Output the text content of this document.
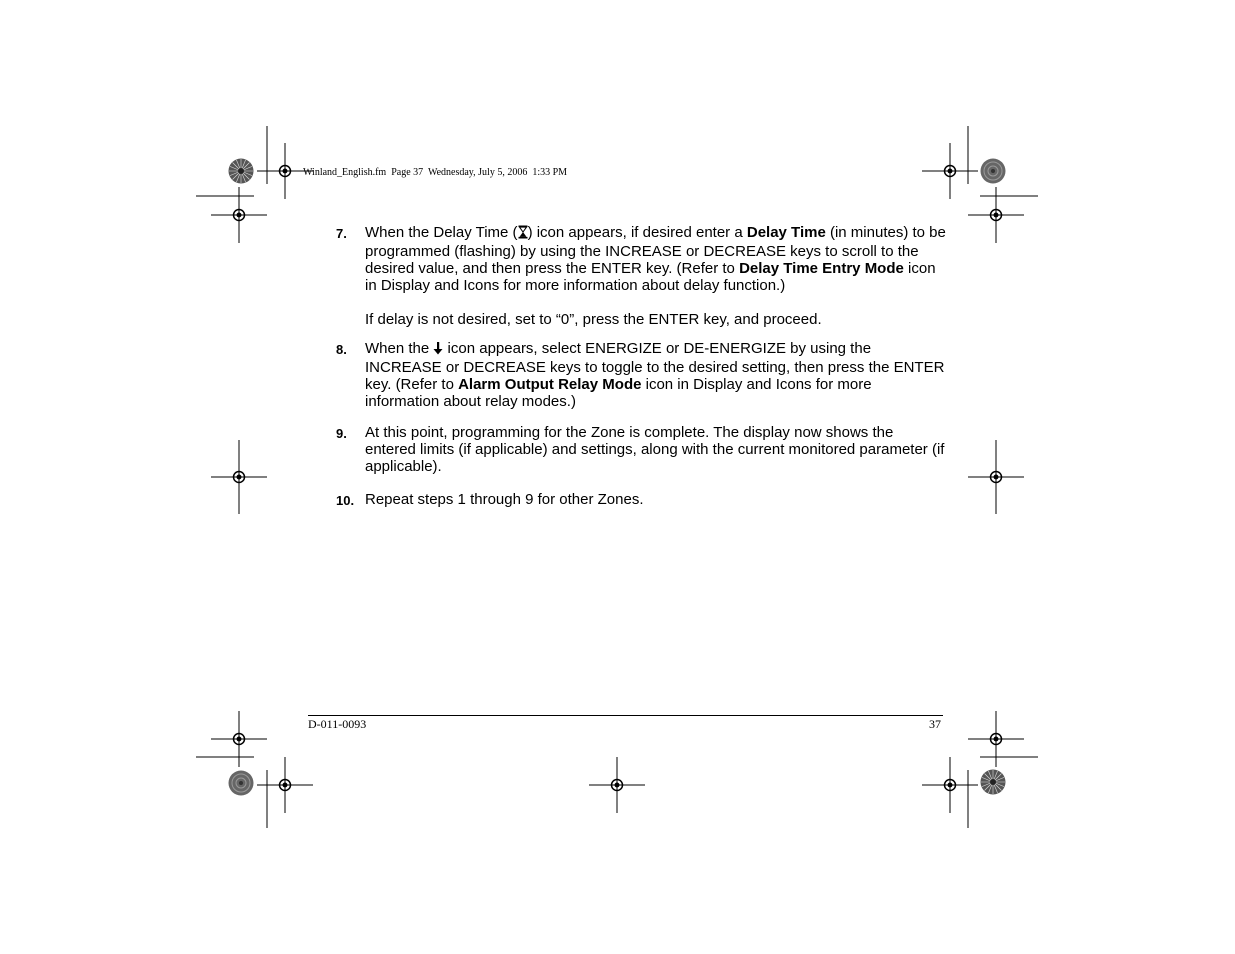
Winland_English.fm  Page 37  Wednesday, July 5, 2006  1:33 PM
7. When the Delay Time ( ) icon appears, if desired enter a Delay Time (in minutes) to be programmed (flashing) by using the INCREASE or DECREASE keys to scroll to the desired value, and then press the ENTER key. (Refer to Delay Time Entry Mode icon in Display and Icons for more information about delay function.)
If delay is not desired, set to “0”, press the ENTER key, and proceed.
8. When the  icon appears, select ENERGIZE or DE-ENERGIZE by using the INCREASE or DECREASE keys to toggle to the desired setting, then press the ENTER key. (Refer to Alarm Output Relay Mode icon in Display and Icons for more information about relay modes.)
9. At this point, programming for the Zone is complete. The display now shows the entered limits (if applicable) and settings, along with the current monitored parameter (if applicable).
10. Repeat steps 1 through 9 for other Zones.
D-011-0093	37
